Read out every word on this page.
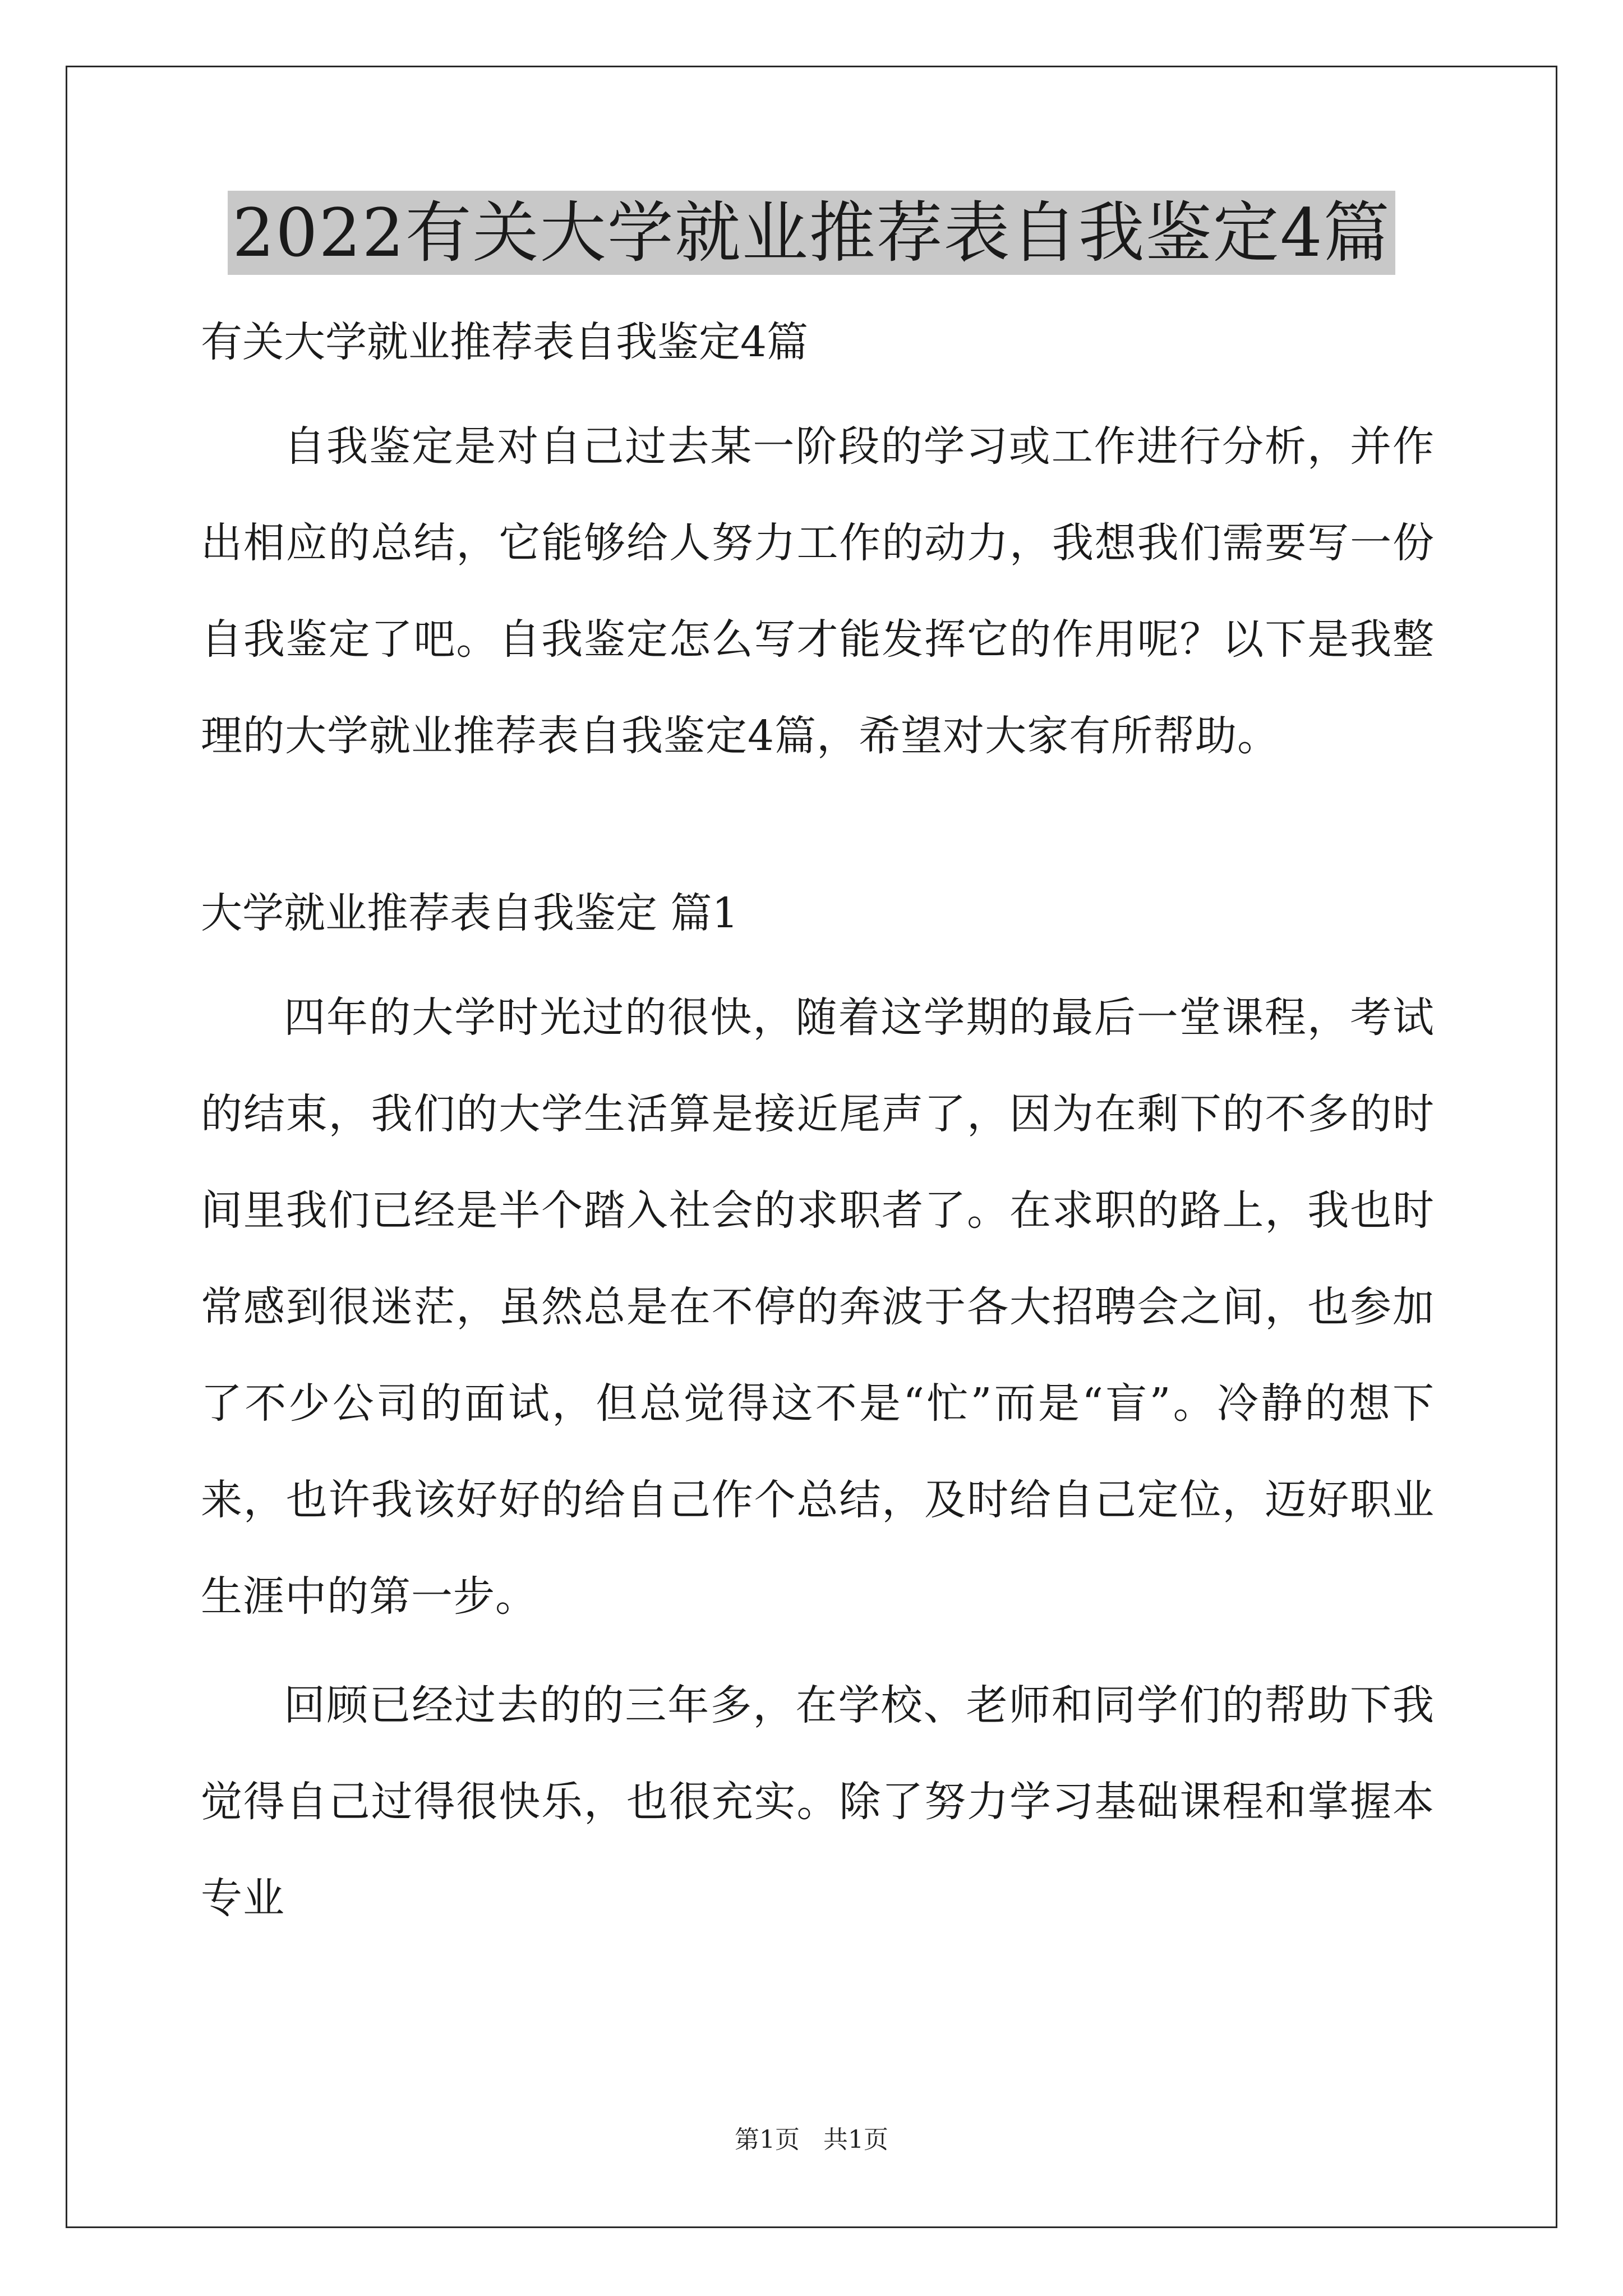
2022有关大学就业推荐表自我鉴定4篇
有关大学就业推荐表自我鉴定4篇

自我鉴定是对自己过去某一阶段的学习或工作进行分析，并作出相应的总结，它能够给人努力工作的动力，我想我们需要写一份自我鉴定了吧。自我鉴定怎么写才能发挥它的作用呢？以下是我整理的大学就业推荐表自我鉴定4篇，希望对大家有所帮助。

大学就业推荐表自我鉴定 篇1

四年的大学时光过的很快，随着这学期的最后一堂课程，考试的结束，我们的大学生活算是接近尾声了，因为在剩下的不多的时间里我们已经是半个踏入社会的求职者了。在求职的路上，我也时常感到很迷茫，虽然总是在不停的奔波于各大招聘会之间，也参加了不少公司的面试，但总觉得这不是“忙”而是“盲”。冷静的想下来，也许我该好好的给自己作个总结，及时给自己定位，迈好职业生涯中的第一步。

回顾已经过去的的三年多，在学校、老师和同学们的帮助下我觉得自己过得很快乐，也很充实。除了努力学习基础课程和掌握本专业

第1页   共1页
